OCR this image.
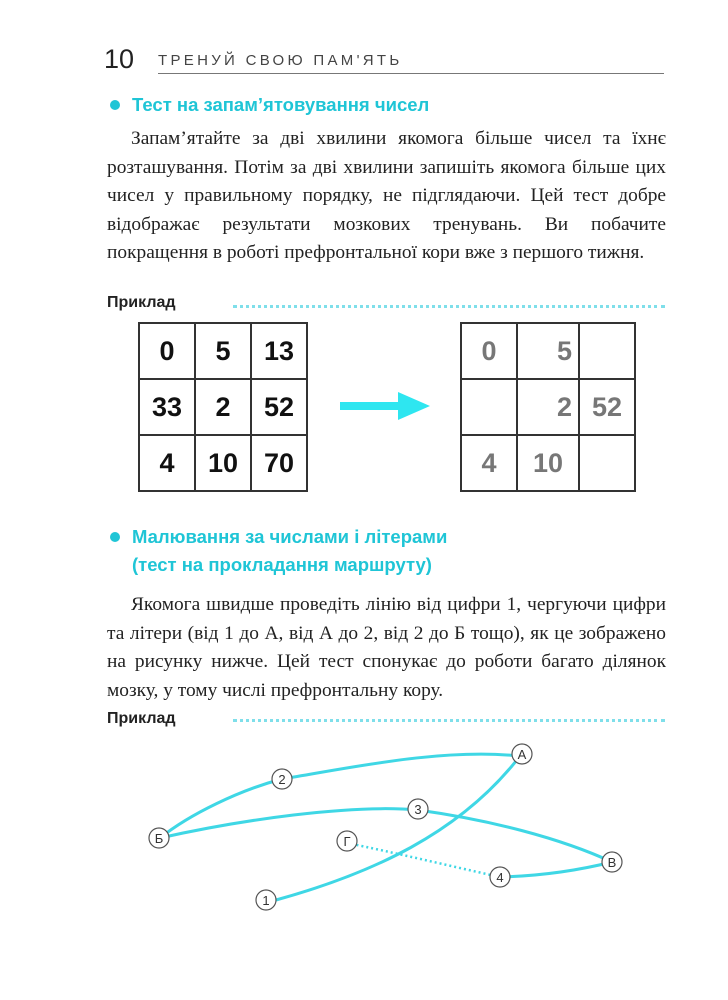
10 ТРЕНУЙ СВОЮ ПАМ'ЯТЬ
Тест на запам’ятовування чисел
Запам’ятайте за дві хвилини якомога більше чисел та їхнє розташування. Потім за дві хвилини запишіть якомога більше цих чисел у правильному порядку, не підглядаючи. Цей тест добре відображає результати мозкових тренувань. Ви побачите покращення в роботі префронтальної кори вже з першого тижня.
Приклад
0	5	13
33	2	52
4	10	70
0	5	
	2	52
4	10	
Малювання за числами і літерами
(тест на прокладання маршруту)
Якомога швидше проведіть лінію від цифри 1, чергуючи цифри та літери (від 1 до А, від А до 2, від 2 до Б тощо), як це зображено на рисунку нижче. Цей тест спонукає до роботи багато ділянок мозку, у тому числі префронтальну кору.
Приклад
1
А
2
Б
3
В
4
Г
